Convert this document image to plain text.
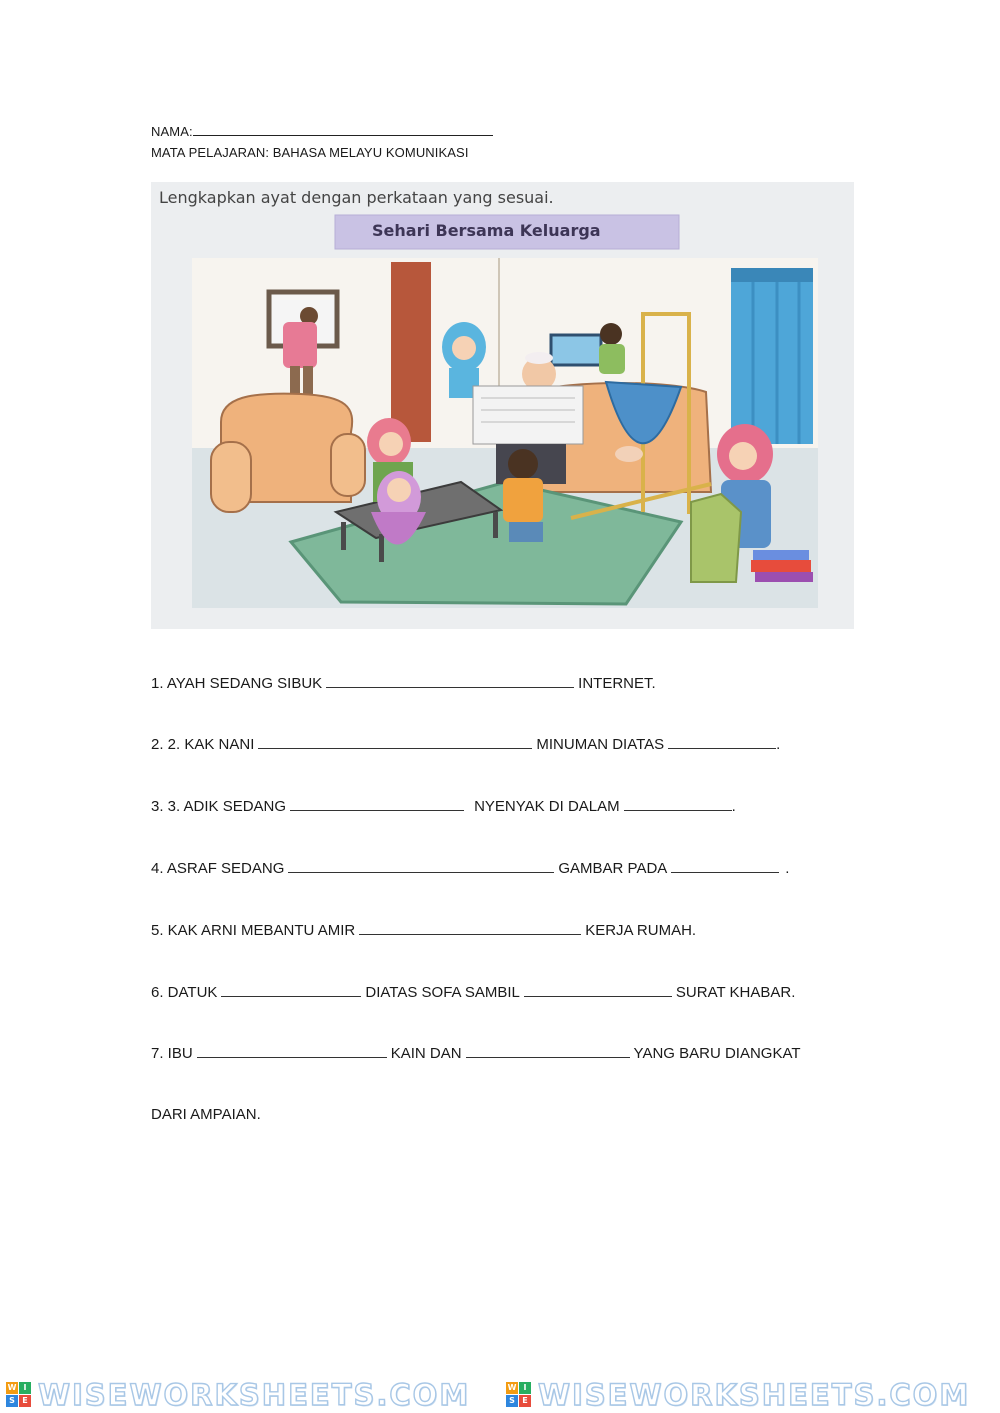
NAMA:
MATA PELAJARAN: BAHASA MELAYU KOMUNIKASI
Lengkapkan ayat dengan perkataan yang sesuai.
Sehari Bersama Keluarga
1. AYAH SEDANG SIBUK	INTERNET.
2. 2. KAK NANI	MINUMAN DIATAS	.
3. 3. ADIK SEDANG	NYENYAK DI DALAM	.
4. ASRAF SEDANG	GAMBAR PADA	.
5. KAK ARNI MEBANTU AMIR	KERJA RUMAH.
6. DATUK	DIATAS SOFA SAMBIL	SURAT KHABAR.
7. IBU	KAIN DAN	YANG BARU DIANGKAT
DARI AMPAIAN.
W I
S E WISEWORKSHEETS.COM	W I
S E WISEWORKSHEETS.COM
